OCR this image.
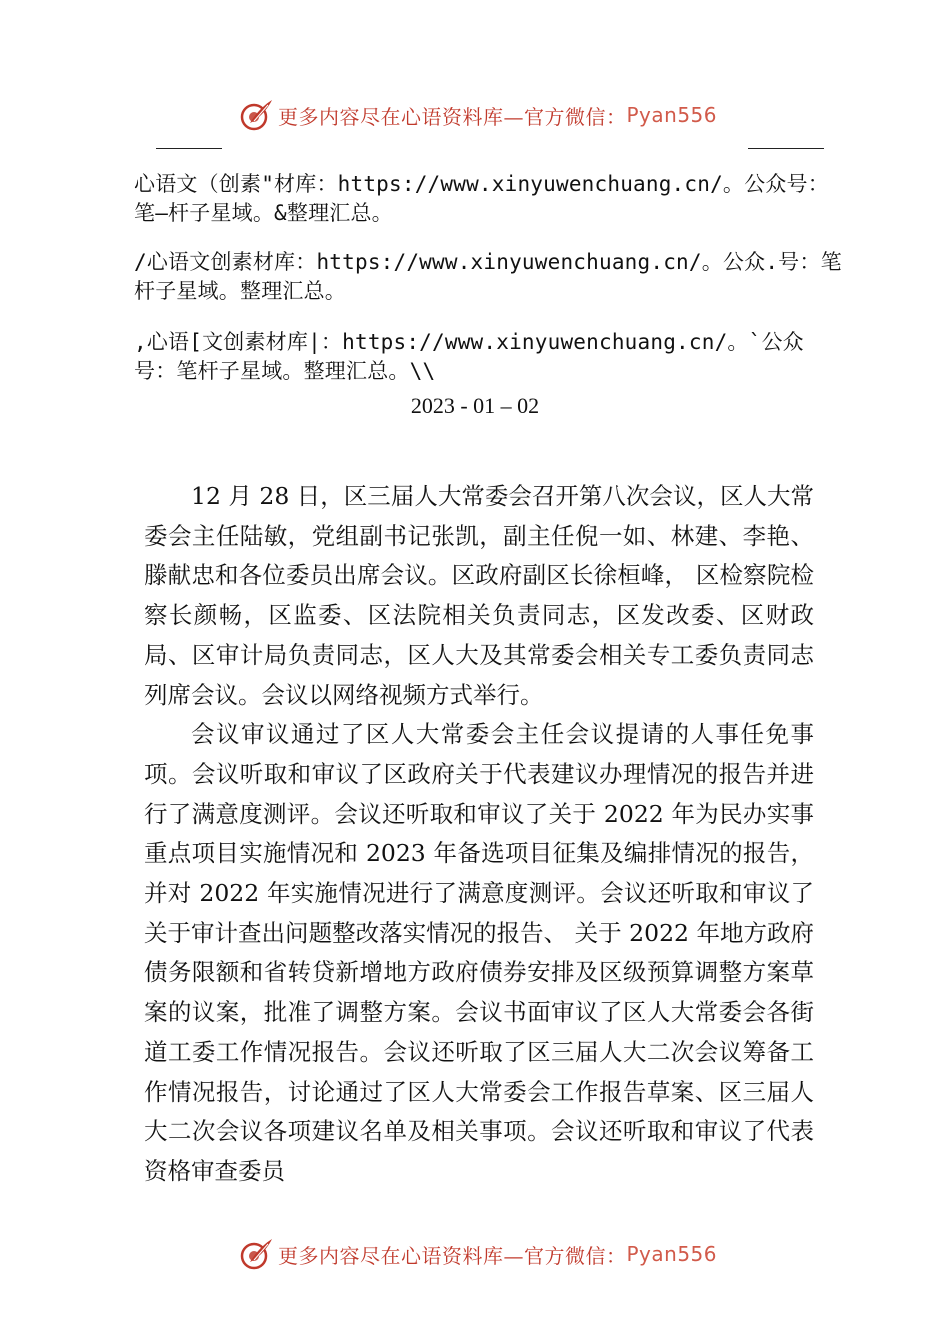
更多内容尽在心语资料库—官方微信： Pyan556
心语文（创素"材库：https://www.xinyuwenchuang.cn/。公众号：笔—杆子星域。&整理汇总。
/心语文创素材库：https://www.xinyuwenchuang.cn/。公众.号：笔杆子星域。整理汇总。
,心语[文创素材库|：https://www.xinyuwenchuang.cn/。`公众号：笔杆子星域。整理汇总。\\
2023 - 01 – 02

12 月 28 日，区三届人大常委会召开第八次会议，区人大常委会主任陆敏，党组副书记张凯，副主任倪一如、林建、李艳、滕献忠和各位委员出席会议。区政府副区长徐桓峰， 区检察院检察长颜畅，区监委、区法院相关负责同志，区发改委、区财政局、区审计局负责同志，区人大及其常委会相关专工委负责同志列席会议。会议以网络视频方式举行。

会议审议通过了区人大常委会主任会议提请的人事任免事项。会议听取和审议了区政府关于代表建议办理情况的报告并进行了满意度测评。会议还听取和审议了关于 2022 年为民办实事重点项目实施情况和 2023 年备选项目征集及编排情况的报告，并对 2022 年实施情况进行了满意度测评。会议还听取和审议了关于审计查出问题整改落实情况的报告、 关于 2022 年地方政府债务限额和省转贷新增地方政府债券安排及区级预算调整方案草案的议案，批准了调整方案。会议书面审议了区人大常委会各街道工委工作情况报告。会议还听取了区三届人大二次会议筹备工作情况报告，讨论通过了区人大常委会工作报告草案、区三届人大二次会议各项建议名单及相关事项。会议还听取和审议了代表资格审查委员

更多内容尽在心语资料库—官方微信： Pyan556
